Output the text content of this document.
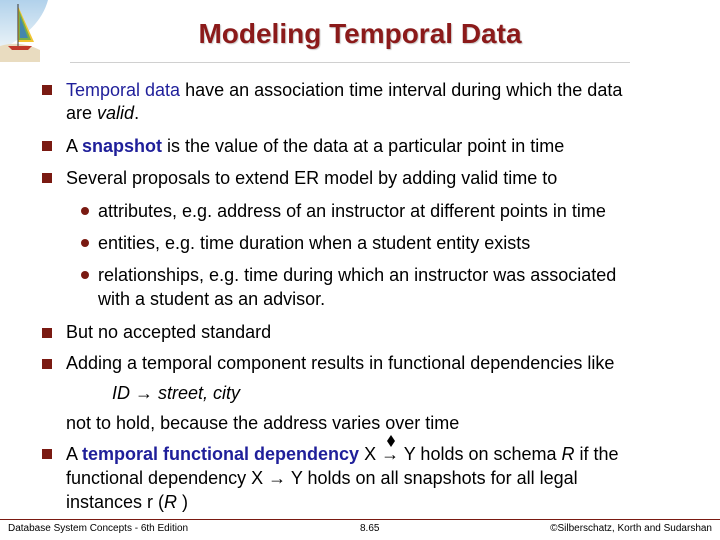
Modeling Temporal Data
Temporal data have an association time interval during which the data
are valid.
A snapshot is the value of the data at a particular point in time
Several proposals to extend ER model by adding valid time to
attributes, e.g. address of an instructor at different points in time
entities, e.g. time duration when a student entity exists
relationships, e.g. time during which an instructor was associated
with a student as an advisor.
But no accepted standard
Adding a temporal component results in functional dependencies like
ID → street, city
not to hold, because the address varies over time
A temporal functional dependency X
→ Y holds on schema R if the
functional dependency X → Y holds on all snapshots for all legal
instances r (R )
Database System Concepts - 6th Edition	8.65	©Silberschatz, Korth and Sudarshan
